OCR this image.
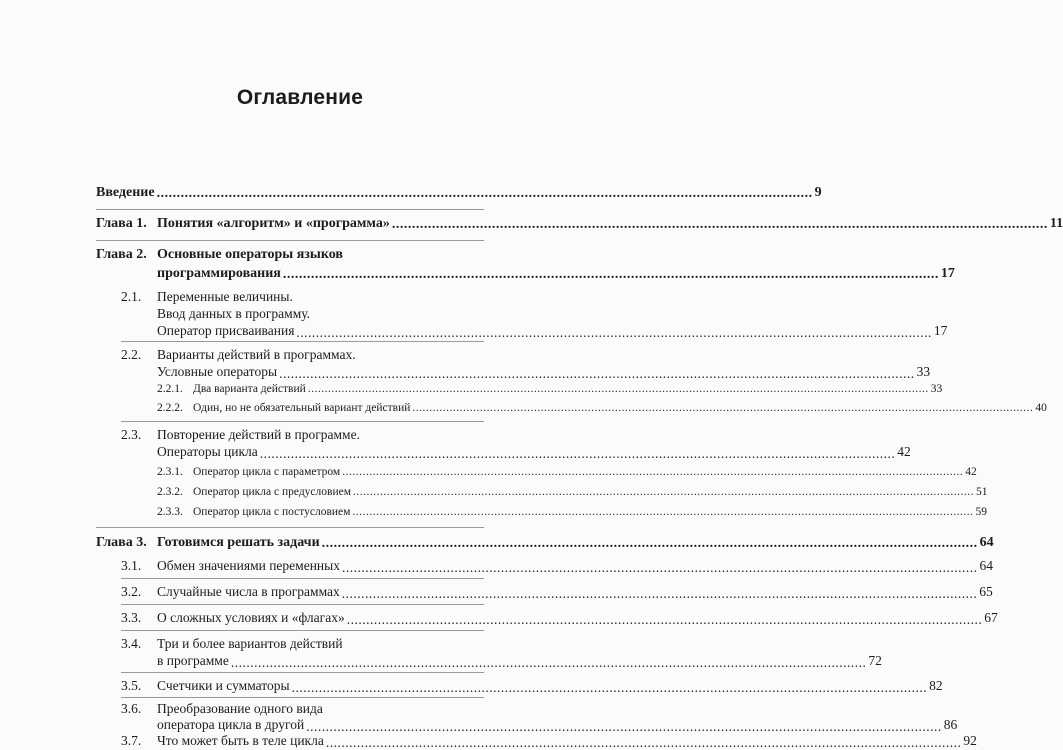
Оглавление
Введение .................................................................................................................................................................... 9
Глава 1. Понятия «алгоритм» и «программа» .................................................................................................................................................................... 11
Глава 2. Основные операторы языков
программирования .................................................................................................................................................................... 17
2.1. Переменные величины.
Ввод данных в программу.
Оператор присваивания .................................................................................................................................................................... 17
2.2. Варианты действий в программах.
Условные операторы .................................................................................................................................................................... 33
2.2.1. Два варианта действий ........................................................................................................................................................................................ 33
2.2.2. Один, но не обязательный вариант действий ........................................................................................................................................................................................ 40
2.3. Повторение действий в программе.
Операторы цикла .................................................................................................................................................................... 42
2.3.1. Оператор цикла с параметром ........................................................................................................................................................................................ 42
2.3.2. Оператор цикла с предусловием ........................................................................................................................................................................................ 51
2.3.3. Оператор цикла с постусловием ........................................................................................................................................................................................ 59
Глава 3. Готовимся решать задачи .................................................................................................................................................................... 64
3.1. Обмен значениями переменных .................................................................................................................................................................... 64
3.2. Случайные числа в программах .................................................................................................................................................................... 65
3.3. О сложных условиях и «флагах» .................................................................................................................................................................... 67
3.4. Три и более вариантов действий
в программе .................................................................................................................................................................... 72
3.5. Счетчики и сумматоры .................................................................................................................................................................... 82
3.6. Преобразование одного вида
оператора цикла в другой .................................................................................................................................................................... 86
3.7. Что может быть в теле цикла .................................................................................................................................................................... 92
